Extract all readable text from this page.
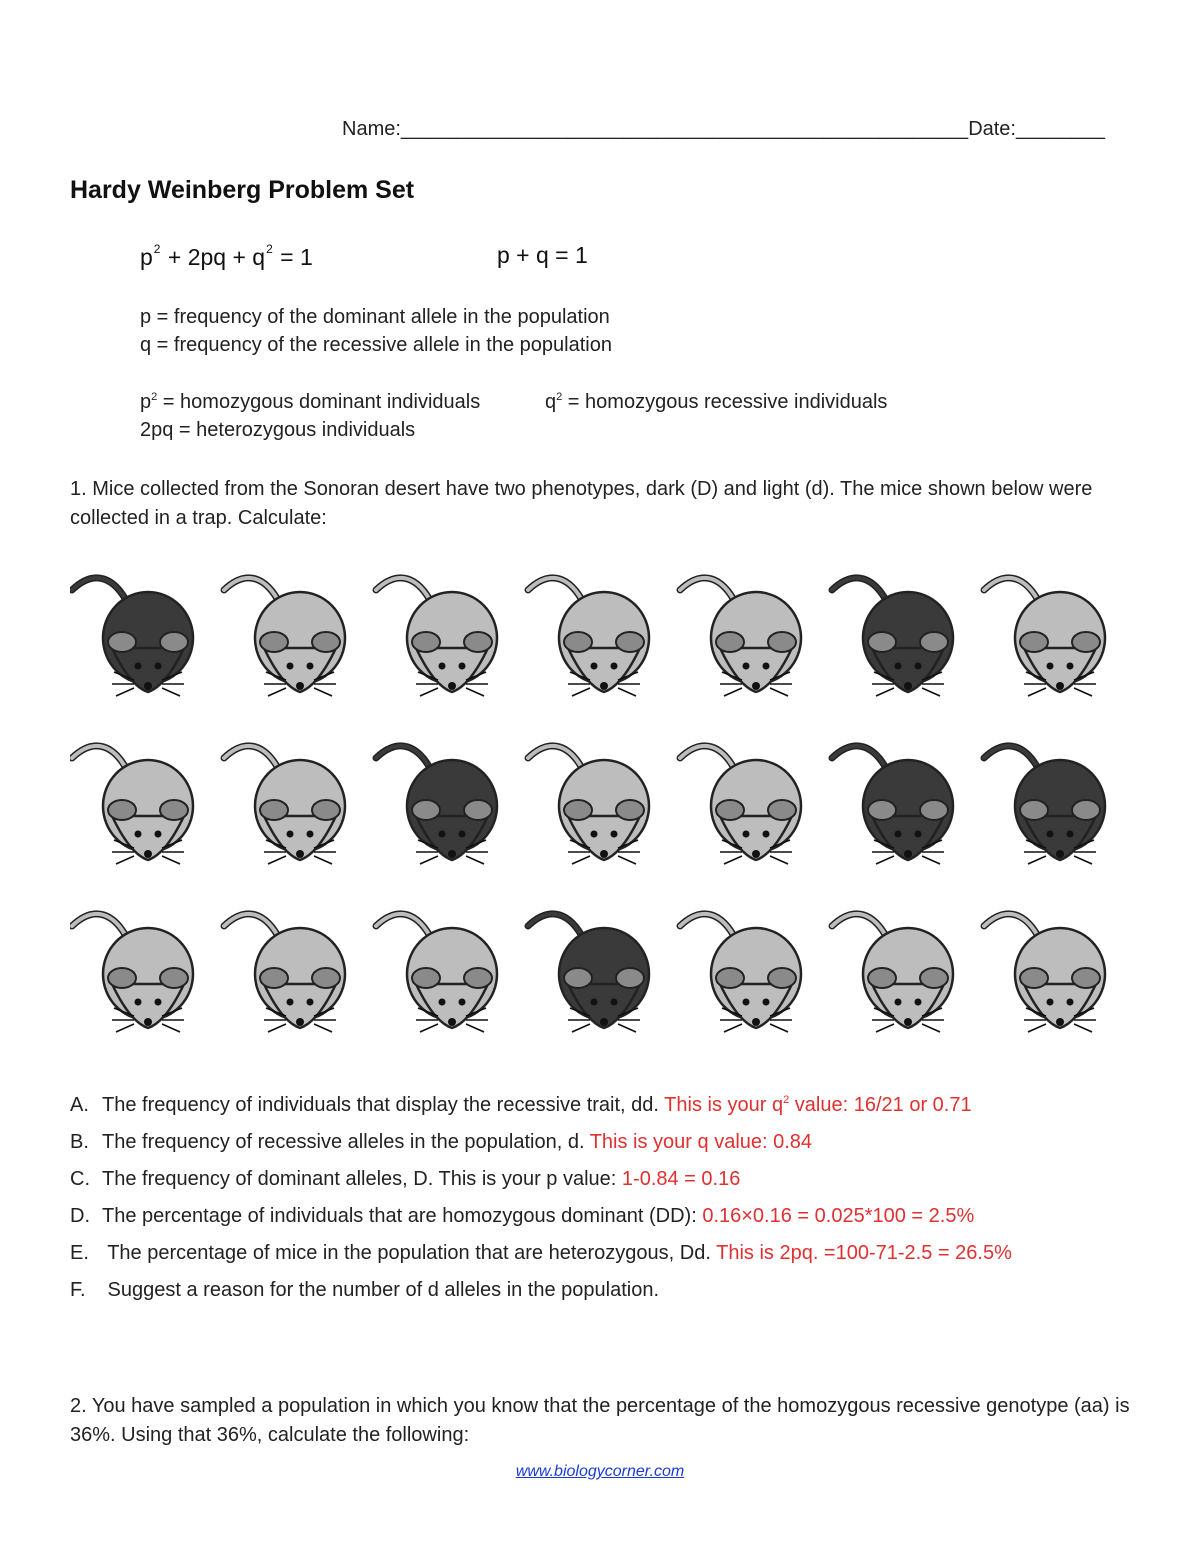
Name:___________________________________________________Date:________
Hardy Weinberg Problem Set
$p^2 + 2pq + q^2 = 1$	p + q = 1
p = frequency of the dominant allele in the population
q = frequency of the recessive allele in the population
$p^2$ = homozygous dominant individuals	$q^2$ = homozygous recessive individuals
2pq = heterozygous individuals
1. Mice collected from the Sonoran desert have two phenotypes, dark (D) and light (d). The mice shown below were collected in a trap. Calculate:
A. The frequency of individuals that display the recessive trait, dd. This is your $q^2$ value: 16/21 or 0.71
B. The frequency of recessive alleles in the population, d. This is your q value: 0.84
C. The frequency of dominant alleles, D. This is your p value: 1-0.84 = 0.16
D. The percentage of individuals that are homozygous dominant (DD): 0.16×0.16 = 0.025*100 = 2.5%
E. The percentage of mice in the population that are heterozygous, Dd. This is 2pq. =100-71-2.5 = 26.5%
F. Suggest a reason for the number of d alleles in the population.
2. You have sampled a population in which you know that the percentage of the homozygous recessive genotype (aa) is 36%. Using that 36%, calculate the following:
www.biologycorner.com
